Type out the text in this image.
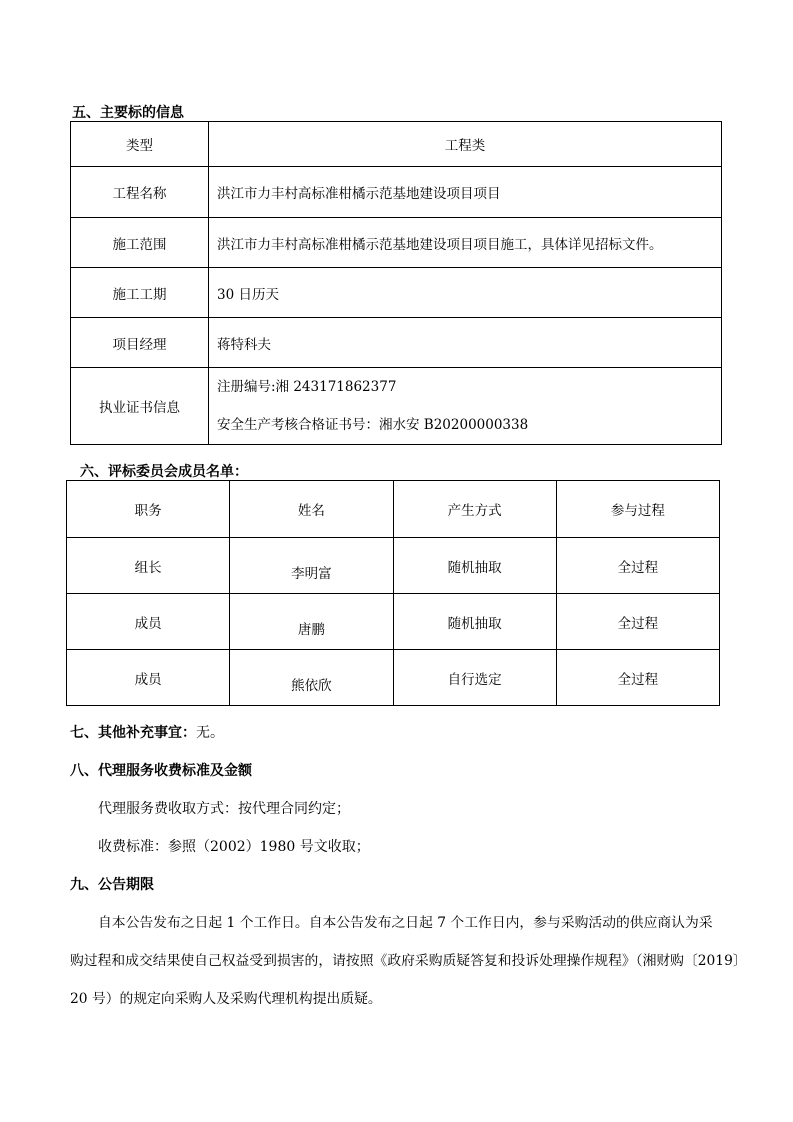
五、主要标的信息
类型	工程类
工程名称	洪江市力丰村高标准柑橘示范基地建设项目项目
施工范围	洪江市力丰村高标准柑橘示范基地建设项目项目施工，具体详见招标文件。
施工工期	30 日历天
项目经理	蒋特科夫
执业证书信息	注册编号:湘 243171862377
安全生产考核合格证书号：湘水安 B20200000338
六、评标委员会成员名单：
职务	姓名	产生方式	参与过程
组长	李明富	随机抽取	全过程
成员	唐鹏	随机抽取	全过程
成员	熊依欣	自行选定	全过程
七、其他补充事宜：无。
八、代理服务收费标准及金额
代理服务费收取方式：按代理合同约定；
收费标准：参照（2002）1980 号文收取；
九、公告期限
自本公告发布之日起 1 个工作日。自本公告发布之日起 7 个工作日内，参与采购活动的供应商认为采
购过程和成交结果使自己权益受到损害的，请按照《政府采购质疑答复和投诉处理操作规程》（湘财购〔2019〕
20 号）的规定向采购人及采购代理机构提出质疑。
